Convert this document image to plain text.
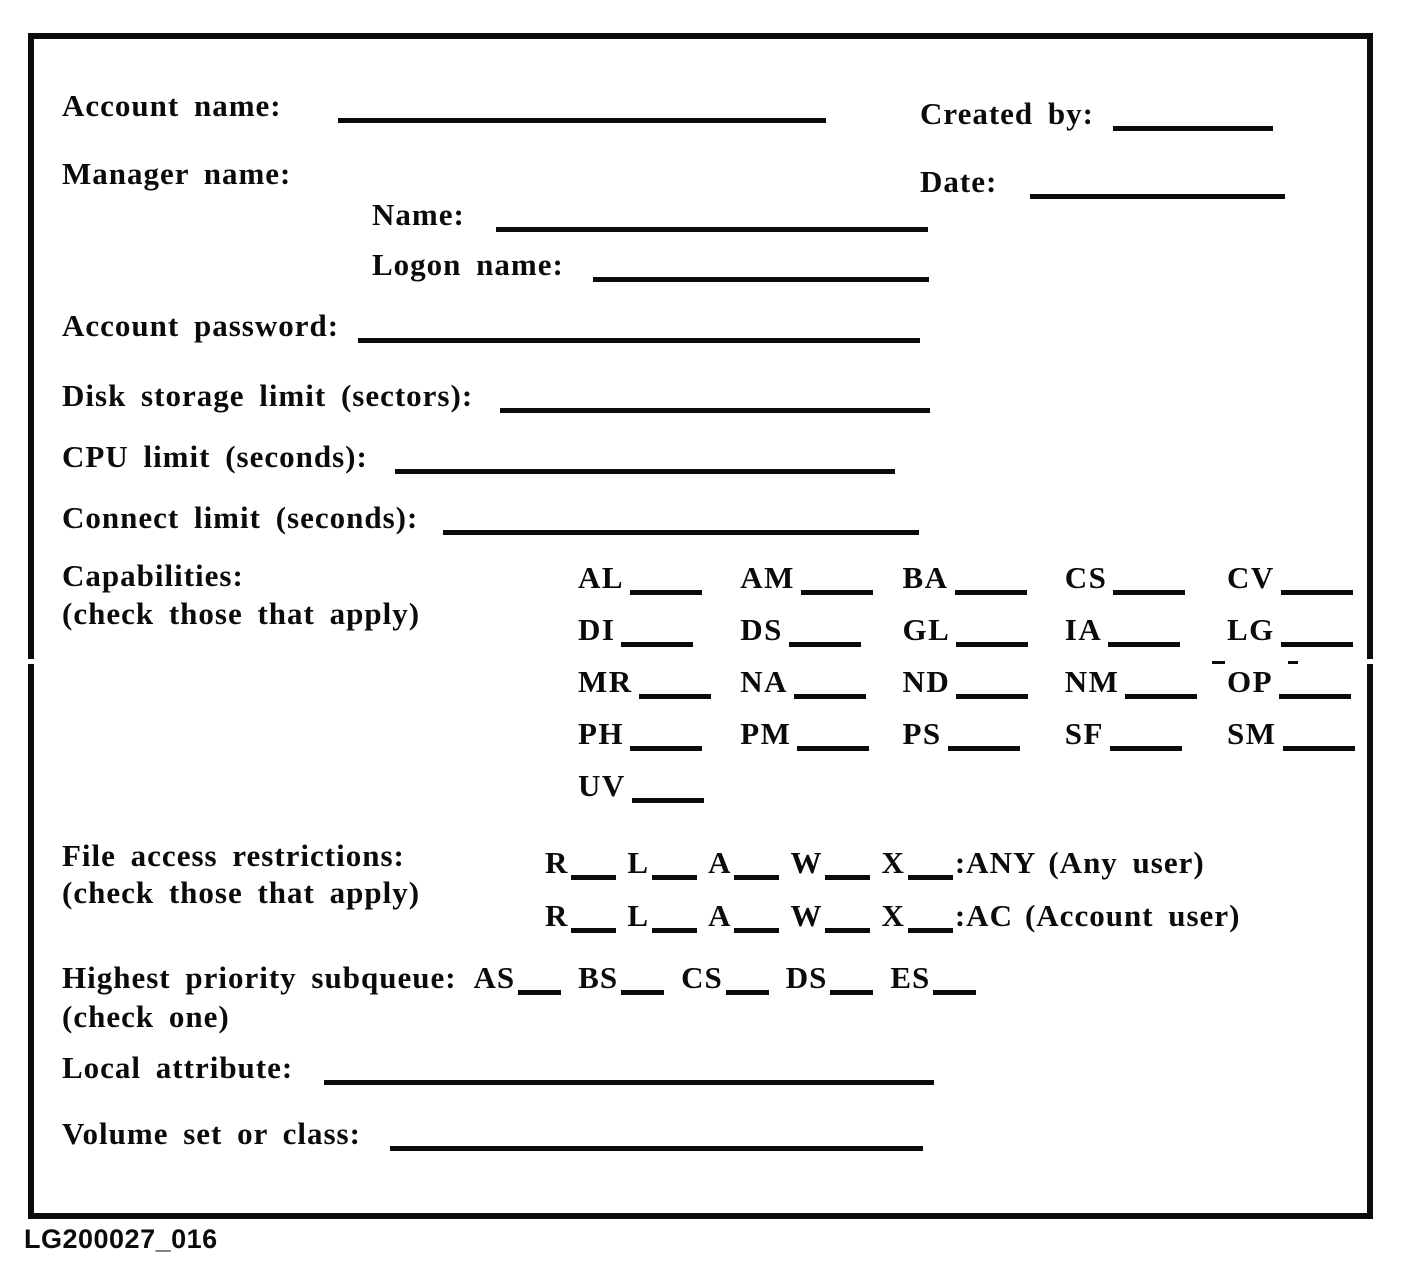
Account name:	Created by:
Manager name:	Date:
Name:
Logon name:
Account password:
Disk storage limit (sectors):
CPU limit (seconds):
Connect limit (seconds):
Capabilities:
(check those that apply)
AL	AM	BA	CS	CV
DI	DS	GL	IA	LG
MR	NA	ND	NM	OP
PH	PM	PS	SF	SM
UV
File access restrictions:
(check those that apply)
R L A W X :ANY (Any user)
R L A W X :AC (Account user)
Highest priority subqueue: AS BS CS DS ES
(check one)
Local attribute:
Volume set or class:
LG200027_016
